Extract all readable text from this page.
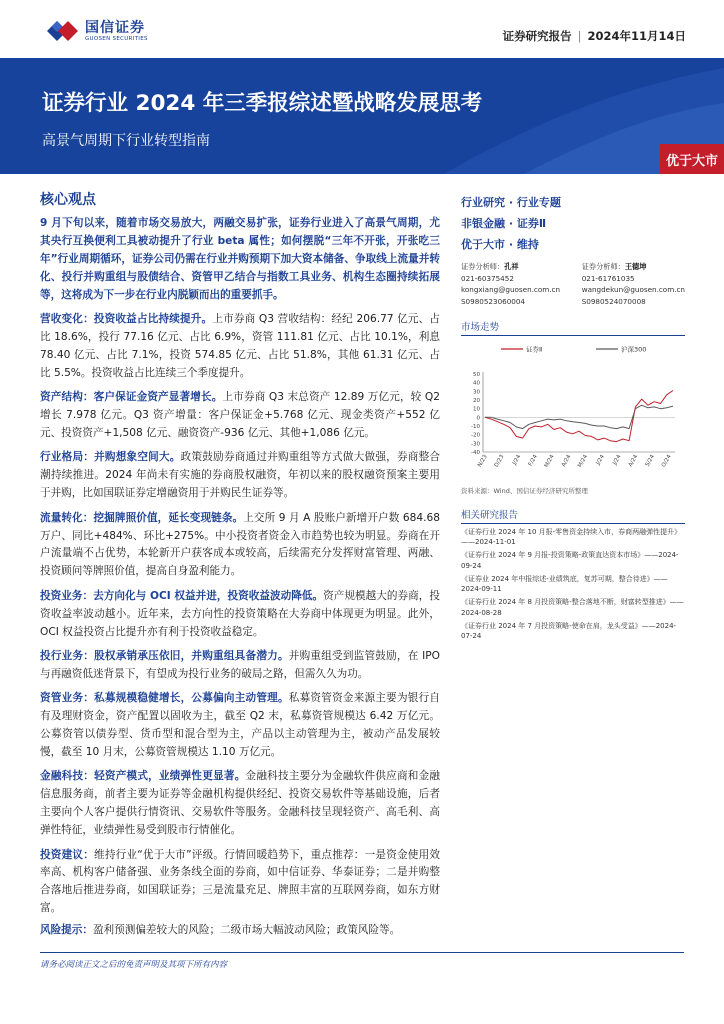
国信证券
GUOSEN SECURITIES	证券研究报告 | 2024年11月14日
证券行业 2024 年三季报综述暨战略发展思考
高景气周期下行业转型指南
优于大市
核心观点
9 月下旬以来，随着市场交易放大，两融交易扩张，证券行业进入了高景气周期，尤其央行互换便利工具被动提升了行业 beta 属性；如何摆脱“三年不开张，开张吃三年”行业周期循环，证券公司仍需在行业并购预期下加大资本储备、争取线上流量并转化、投行并购重组与股债结合、资管甲乙结合与指数工具业务、机构生态圈持续拓展等，这将成为下一步在行业内脱颖而出的重要抓手。
营收变化：投资收益占比持续提升。上市券商 Q3 营收结构：经纪 206.77 亿元、占比 18.6%，投行 77.16 亿元、占比 6.9%，资管 111.81 亿元、占比 10.1%，利息 78.40 亿元、占比 7.1%，投资 574.85 亿元、占比 51.8%，其他 61.31 亿元、占比 5.5%。投资收益占比连续三个季度提升。
资产结构：客户保证金资产显著增长。上市券商 Q3 末总资产 12.89 万亿元，较 Q2 增长 7.978 亿元。Q3 资产增量：客户保证金+5.768 亿元、现金类资产+552 亿元、投资资产+1,508 亿元、融资资产-936 亿元、其他+1,086 亿元。
行业格局：并购想象空间大。政策鼓励券商通过并购重组等方式做大做强，券商整合潮持续推进。2024 年尚未有实施的券商股权融资，年初以来的股权融资预案主要用于并购，比如国联证券定增融资用于并购民生证券等。
流量转化：挖掘牌照价值，延长变现链条。上交所 9 月 A 股账户新增开户数 684.68 万户、同比+484%、环比+275%。中小投资者资金入市趋势也较为明显。券商在开户流量端不占优势，本轮新开户获客成本或较高，后续需充分发挥财富管理、两融、投资顾问等牌照价值，提高自身盈利能力。
投资业务：去方向化与 OCI 权益并进，投资收益波动降低。资产规模越大的券商，投资收益率波动越小。近年来，去方向性的投资策略在大券商中体现更为明显。此外，OCI 权益投资占比提升亦有利于投资收益稳定。
投行业务：股权承销承压依旧，并购重组具备潜力。并购重组受到监管鼓励，在 IPO 与再融资低迷背景下，有望成为投行业务的破局之路，但需久久为功。
资管业务：私募规模稳健增长，公募偏向主动管理。私募资管资金来源主要为银行自有及理财资金，资产配置以固收为主，截至 Q2 末，私募资管规模达 6.42 万亿元。公募资管以债券型、货币型和混合型为主，产品以主动管理为主，被动产品发展较慢，截至 10 月末，公募资管规模达 1.10 万亿元。
金融科技：轻资产模式，业绩弹性更显著。金融科技主要分为金融软件供应商和金融信息服务商，前者主要为证券等金融机构提供经纪、投资交易软件等基础设施，后者主要向个人客户提供行情资讯、交易软件等服务。金融科技呈现轻资产、高毛利、高弹性特征，业绩弹性易受到股市行情催化。
投资建议：维持行业“优于大市”评级。行情回暖趋势下，重点推荐：一是资金使用效率高、机构客户储备强、业务条线全面的券商，如中信证券、华泰证券；二是并购整合落地后推进券商，如国联证券；三是流量充足、牌照丰富的互联网券商，如东方财富。
风险提示：盈利预测偏差较大的风险；二级市场大幅波动风险；政策风险等。
请务必阅读正文之后的免责声明及其项下所有内容
行业研究 · 行业专题
非银金融 · 证券Ⅱ
优于大市 · 维持
证券分析师：孔祥
021-60375452
kongxiang@guosen.com.cn
S0980523060004
证券分析师：王德坤
021-61761035
wangdekun@guosen.com.cn
S0980524070008
市场走势
证券Ⅱ	沪深300
50
40
30
20
10
0
-10
-20
-30
-40
N/23 D/23 J/24 F/24 M/24 A/24 M/24 J/24 J/24 A/24 S/24 O/24
资料来源：Wind、国信证券经济研究所整理
相关研究报告
《证券行业 2024 年 10 月报-零售资金持续入市，券商两融弹性提升》——2024-11-01
《证券行业 2024 年 9 月报-投资策略-政策直达资本市场》——2024-09-24
《证券业 2024 年中报综述-业绩筑底，复苏可期，整合待进》——2024-09-11
《证券行业 2024 年 8 月投资策略-整合落地不断，财富转型推进》——2024-08-28
《证券行业 2024 年 7 月投资策略-使命在肩，龙头受益》——2024-07-24
